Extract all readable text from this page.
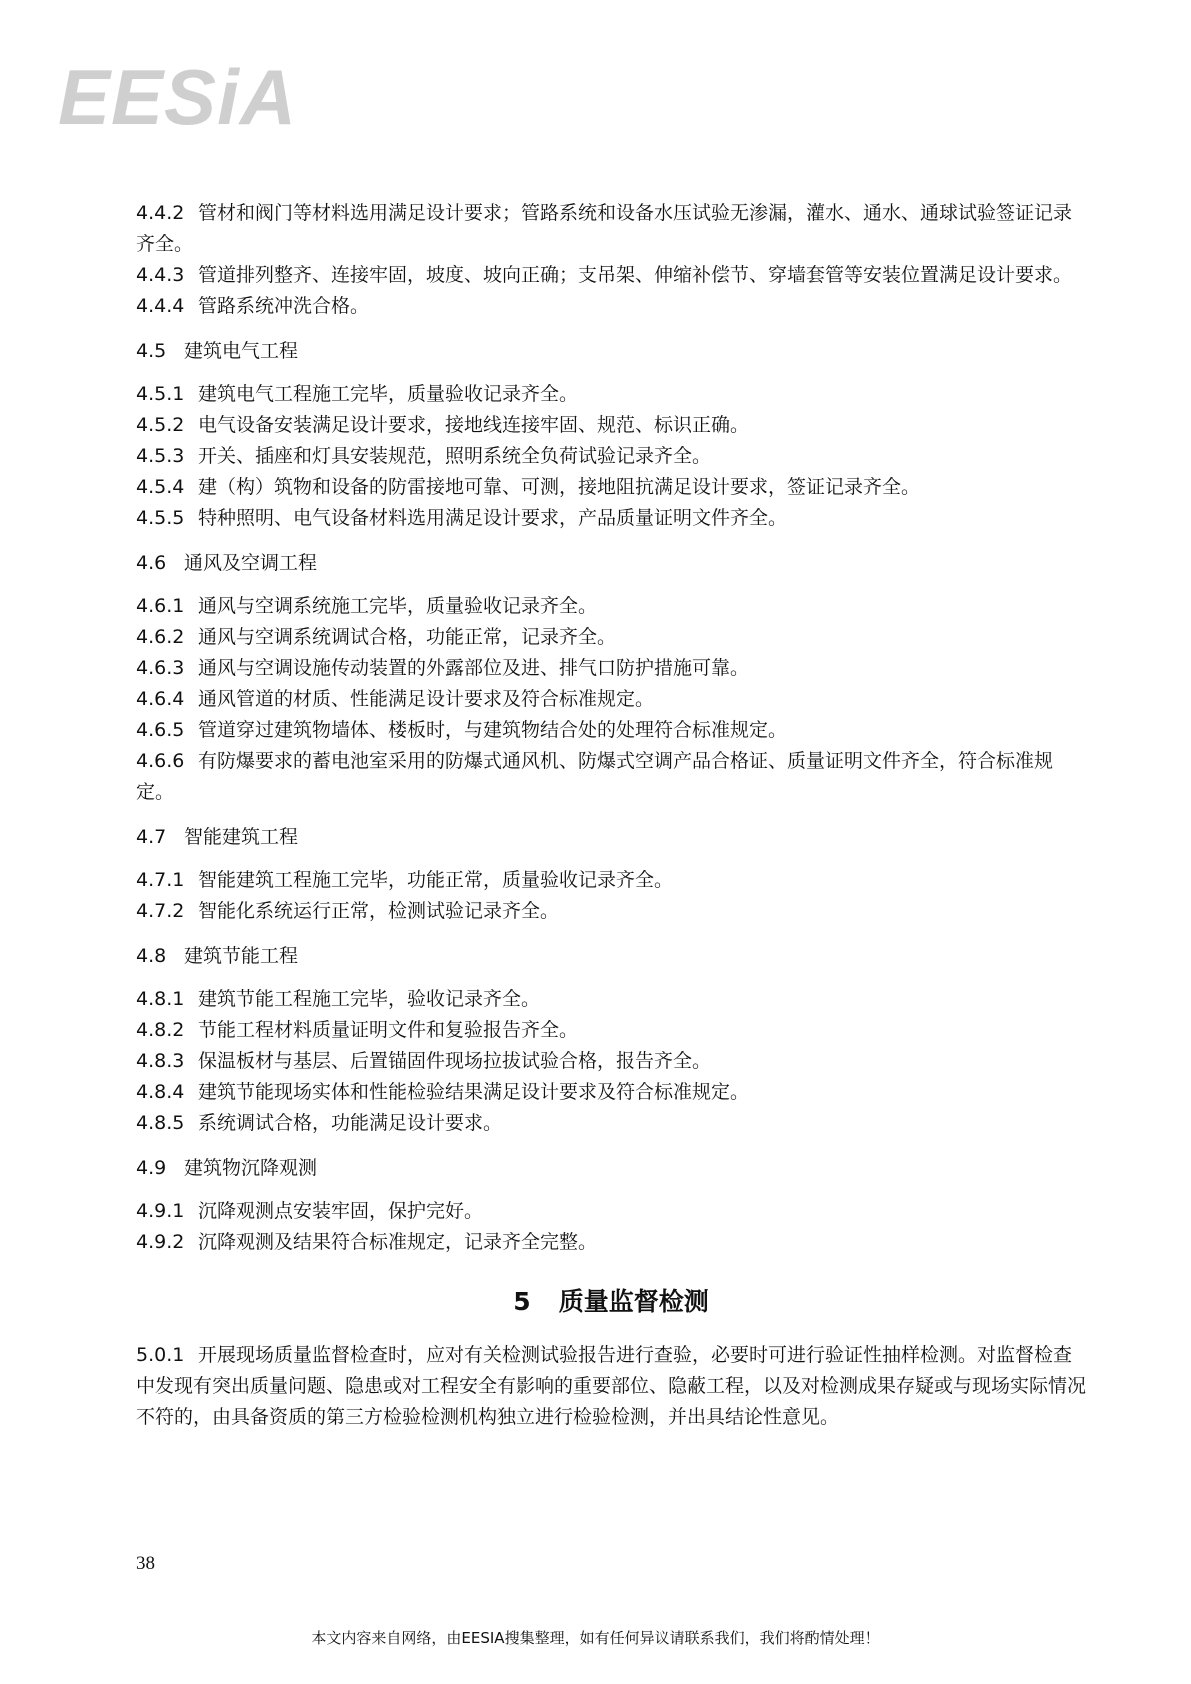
EESiA

4.4.2 管材和阀门等材料选用满足设计要求；管路系统和设备水压试验无渗漏，灌水、通水、通球试验签证记录齐全。

4.4.3 管道排列整齐、连接牢固，坡度、坡向正确；支吊架、伸缩补偿节、穿墙套管等安装位置满足设计要求。

4.4.4 管路系统冲洗合格。

4.5 建筑电气工程

4.5.1 建筑电气工程施工完毕，质量验收记录齐全。

4.5.2 电气设备安装满足设计要求，接地线连接牢固、规范、标识正确。

4.5.3 开关、插座和灯具安装规范，照明系统全负荷试验记录齐全。

4.5.4 建（构）筑物和设备的防雷接地可靠、可测，接地阻抗满足设计要求，签证记录齐全。

4.5.5 特种照明、电气设备材料选用满足设计要求，产品质量证明文件齐全。

4.6 通风及空调工程

4.6.1 通风与空调系统施工完毕，质量验收记录齐全。

4.6.2 通风与空调系统调试合格，功能正常，记录齐全。

4.6.3 通风与空调设施传动装置的外露部位及进、排气口防护措施可靠。

4.6.4 通风管道的材质、性能满足设计要求及符合标准规定。

4.6.5 管道穿过建筑物墙体、楼板时，与建筑物结合处的处理符合标准规定。

4.6.6 有防爆要求的蓄电池室采用的防爆式通风机、防爆式空调产品合格证、质量证明文件齐全，符合标准规定。

4.7 智能建筑工程

4.7.1 智能建筑工程施工完毕，功能正常，质量验收记录齐全。

4.7.2 智能化系统运行正常，检测试验记录齐全。

4.8 建筑节能工程

4.8.1 建筑节能工程施工完毕，验收记录齐全。

4.8.2 节能工程材料质量证明文件和复验报告齐全。

4.8.3 保温板材与基层、后置锚固件现场拉拔试验合格，报告齐全。

4.8.4 建筑节能现场实体和性能检验结果满足设计要求及符合标准规定。

4.8.5 系统调试合格，功能满足设计要求。

4.9 建筑物沉降观测

4.9.1 沉降观测点安装牢固，保护完好。

4.9.2 沉降观测及结果符合标准规定，记录齐全完整。

5 质量监督检测

5.0.1 开展现场质量监督检查时，应对有关检测试验报告进行查验，必要时可进行验证性抽样检测。对监督检查中发现有突出质量问题、隐患或对工程安全有影响的重要部位、隐蔽工程，以及对检测成果存疑或与现场实际情况不符的，由具备资质的第三方检验检测机构独立进行检验检测，并出具结论性意见。

38
本文内容来自网络，由EESIA搜集整理，如有任何异议请联系我们，我们将酌情处理！
